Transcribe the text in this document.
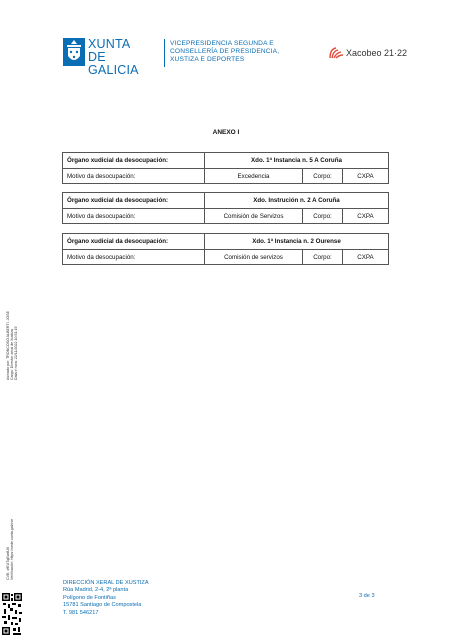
XUNTA
DE GALICIA
VICEPRESIDENCIA SEGUNDA E
CONSELLERÍA DE PRESIDENCIA,
XUSTIZA E DEPORTES
Xacobeo 21·22
ANEXO I
Órgano xudicial da desocupación:	Xdo. 1ª Instancia n. 5 A Coruña
Motivo da desocupación:	Excedencia	Corpo:	CXPA
Órgano xudicial da desocupación:	Xdo. Instrución n. 2 A Coruña
Motivo da desocupación:	Comisión de Servizos	Corpo:	CXPA
Órgano xudicial da desocupación:	Xdo. 1ª Instancia n. 2 Ourense
Motivo da desocupación:	Comisión de servizos	Corpo:	CXPA
Asinado por: TRONCOSO ALBERTI, JOSE Cargo: Director xeral de Xustiza Data e hora: 22/11/2022 10:51:19
CVE: xfEUTqEwdU6 Verificación: https://sede.xunta.gal/cve
DIRECCIÓN XERAL DE XUSTIZA
Rúa Madrid, 2-4, 2ª planta
Polígono de Fontiñas
15781 Santiago de Compostela
T. 981 546217
3 de 3
